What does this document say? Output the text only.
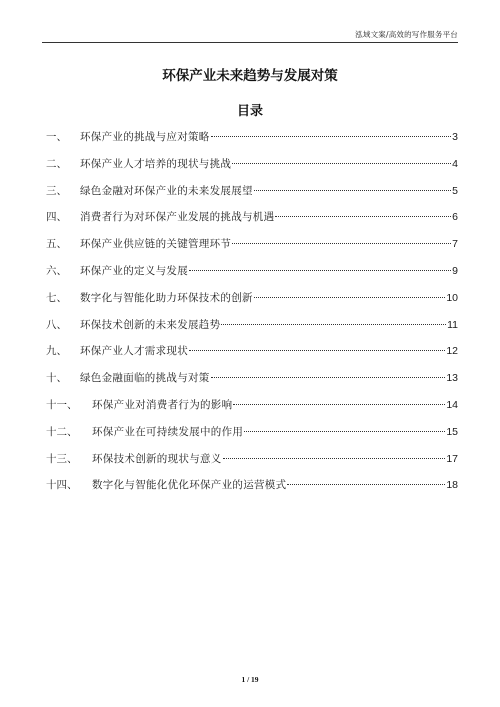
泓域文案/高效的写作服务平台
环保产业未来趋势与发展对策
目录
一、	环保产业的挑战与应对策略	3
二、	环保产业人才培养的现状与挑战	4
三、	绿色金融对环保产业的未来发展展望	5
四、	消费者行为对环保产业发展的挑战与机遇	6
五、	环保产业供应链的关键管理环节	7
六、	环保产业的定义与发展	9
七、	数字化与智能化助力环保技术的创新	10
八、	环保技术创新的未来发展趋势	11
九、	环保产业人才需求现状	12
十、	绿色金融面临的挑战与对策	13
十一、	环保产业对消费者行为的影响	14
十二、	环保产业在可持续发展中的作用	15
十三、	环保技术创新的现状与意义	17
十四、	数字化与智能化优化环保产业的运营模式	18
1 / 19
